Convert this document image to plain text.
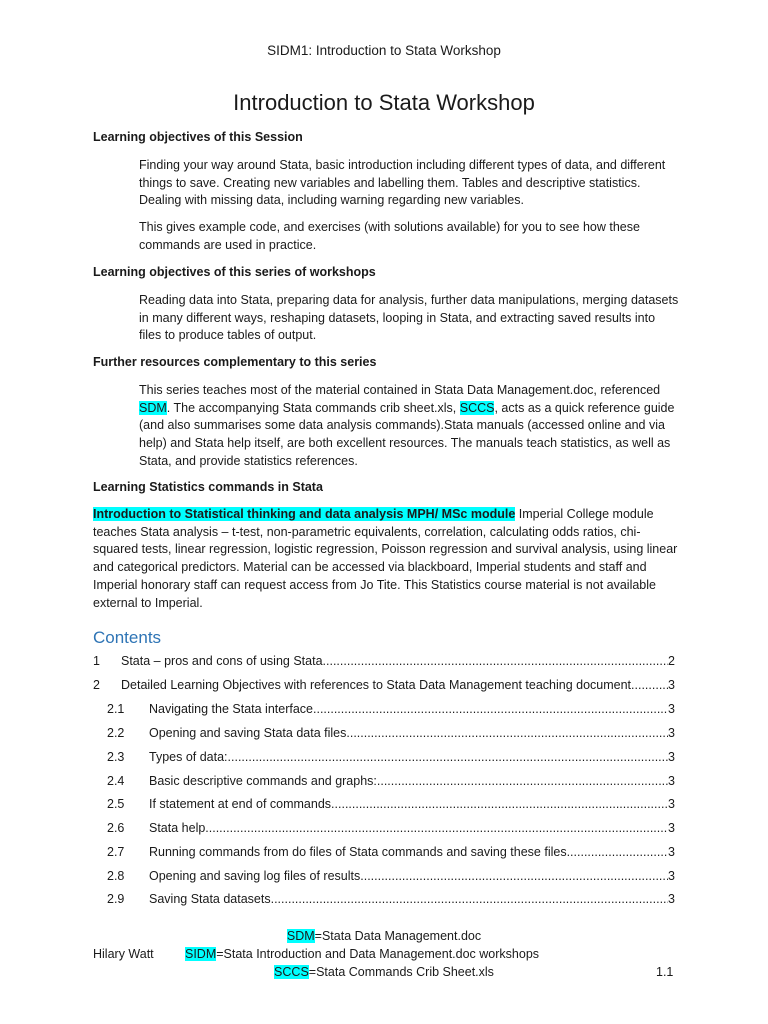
SIDM1: Introduction to Stata Workshop
Introduction to Stata Workshop
Learning objectives of this Session
Finding your way around Stata, basic introduction including different types of data, and different things to save. Creating new variables and labelling them. Tables and descriptive statistics. Dealing with missing data, including warning regarding new variables.
This gives example code, and exercises (with solutions available) for you to see how these commands are used in practice.
Learning objectives of this series of workshops
Reading data into Stata, preparing data for analysis, further data manipulations, merging datasets in many different ways, reshaping datasets, looping in Stata, and extracting saved results into files to produce tables of output.
Further resources complementary to this series
This series teaches most of the material contained in Stata Data Management.doc, referenced SDM. The accompanying Stata commands crib sheet.xls, SCCS, acts as a quick reference guide (and also summarises some data analysis commands).Stata manuals (accessed online and via help) and Stata help itself, are both excellent resources. The manuals teach statistics, as well as Stata, and provide statistics references.
Learning Statistics commands in Stata
Introduction to Statistical thinking and data analysis MPH/ MSc module Imperial College module teaches Stata analysis – t-test, non-parametric equivalents, correlation, calculating odds ratios, chi-squared tests, linear regression, logistic regression, Poisson regression and survival analysis, using linear and categorical predictors. Material can be accessed via blackboard, Imperial students and staff and Imperial honorary staff can request access from Jo Tite. This Statistics course material is not available external to Imperial.
Contents
1	Stata – pros and cons of using Stata .....	2
2	Detailed Learning Objectives with references to Stata Data Management teaching document .....	3
2.1	Navigating the Stata interface. .....	3
2.2	Opening and saving Stata data files. .....	3
2.3	Types of data: .....	3
2.4	Basic descriptive commands and graphs: .....	3
2.5	If statement at end of commands .....	3
2.6	Stata help. .....	3
2.7	Running commands from do files of Stata commands and saving these files. .....	3
2.8	Opening and saving log files of results. .....	3
2.9	Saving Stata datasets .....	3
SDM=Stata Data Management.doc
Hilary Watt	SIDM=Stata Introduction and Data Management.doc workshops
SCCS=Stata Commands Crib Sheet.xls	1.1
